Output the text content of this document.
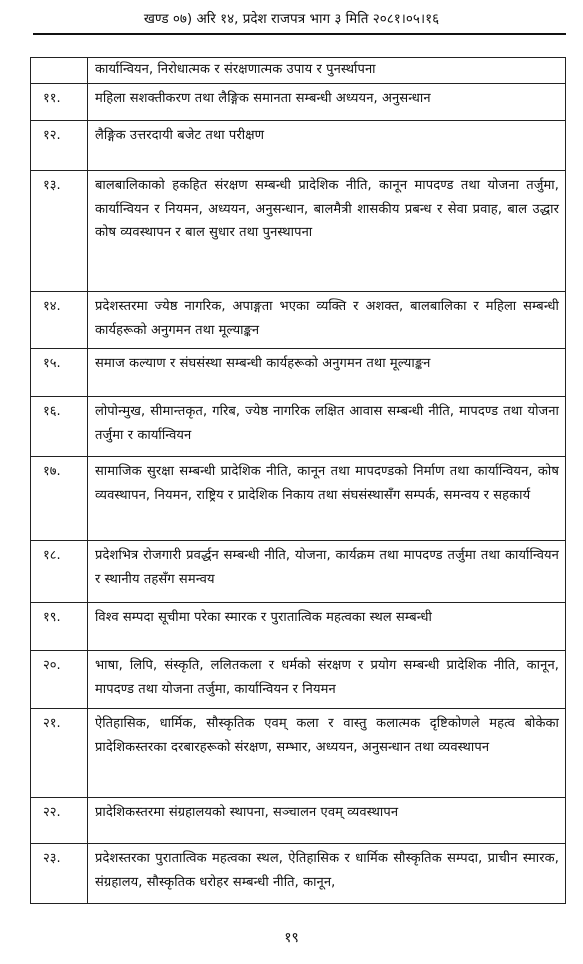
खण्ड ०७) अरि १४, प्रदेश राजपत्र भाग ३ मिति २०८१।०५।१६
	कार्यान्वियन, निरोधात्मक र संरक्षणात्मक उपाय र पुनर्स्थापना
११.	महिला सशक्तीकरण तथा लैङ्गिक समानता सम्बन्धी अध्ययन, अनुसन्धान
१२.	लैङ्गिक उत्तरदायी बजेट तथा परीक्षण
१३.	बालबालिकाको हकहित संरक्षण सम्बन्धी प्रादेशिक नीति, कानून मापदण्ड तथा योजना तर्जुमा, कार्यान्वियन र नियमन, अध्ययन, अनुसन्धान, बालमैत्री शासकीय प्रबन्ध र सेवा प्रवाह, बाल उद्धार कोष व्यवस्थापन र बाल सुधार तथा पुनस्थापना
१४.	प्रदेशस्तरमा ज्येष्ठ नागरिक, अपाङ्गता भएका व्यक्ति र अशक्त, बालबालिका र महिला सम्बन्धी कार्यहरूको अनुगमन तथा मूल्याङ्कन
१५.	समाज कल्याण र संघसंस्था सम्बन्धी कार्यहरूको अनुगमन तथा मूल्याङ्कन
१६.	लोपोन्मुख, सीमान्तकृत, गरिब, ज्येष्ठ नागरिक लक्षित आवास सम्बन्धी नीति, मापदण्ड तथा योजना तर्जुमा र कार्यान्वियन
१७.	सामाजिक सुरक्षा सम्बन्धी प्रादेशिक नीति, कानून तथा मापदण्डको निर्माण तथा कार्यान्वियन, कोष व्यवस्थापन, नियमन, राष्ट्रिय र प्रादेशिक निकाय तथा संघसंस्थासँग सम्पर्क, समन्वय र सहकार्य
१८.	प्रदेशभित्र रोजगारी प्रवर्द्धन सम्बन्धी नीति, योजना, कार्यक्रम तथा मापदण्ड तर्जुमा तथा कार्यान्वियन र स्थानीय तहसँग समन्वय
१९.	विश्व सम्पदा सूचीमा परेका स्मारक र पुरातात्विक महत्वका स्थल सम्बन्धी
२०.	भाषा, लिपि, संस्कृति, ललितकला र धर्मको संरक्षण र प्रयोग सम्बन्धी प्रादेशिक नीति, कानून, मापदण्ड तथा योजना तर्जुमा, कार्यान्वियन र नियमन
२१.	ऐतिहासिक, धार्मिक, सौस्कृतिक एवम् कला र वास्तु कलात्मक दृष्टिकोणले महत्व बोकेका प्रादेशिकस्तरका दरबारहरूको संरक्षण, सम्भार, अध्ययन, अनुसन्धान तथा व्यवस्थापन
२२.	प्रादेशिकस्तरमा संग्रहालयको स्थापना, सञ्चालन एवम् व्यवस्थापन
२३.	प्रदेशस्तरका पुरातात्विक महत्वका स्थल, ऐतिहासिक र धार्मिक सौस्कृतिक सम्पदा, प्राचीन स्मारक, संग्रहालय, सौस्कृतिक धरोहर सम्बन्धी नीति, कानून,
१९
